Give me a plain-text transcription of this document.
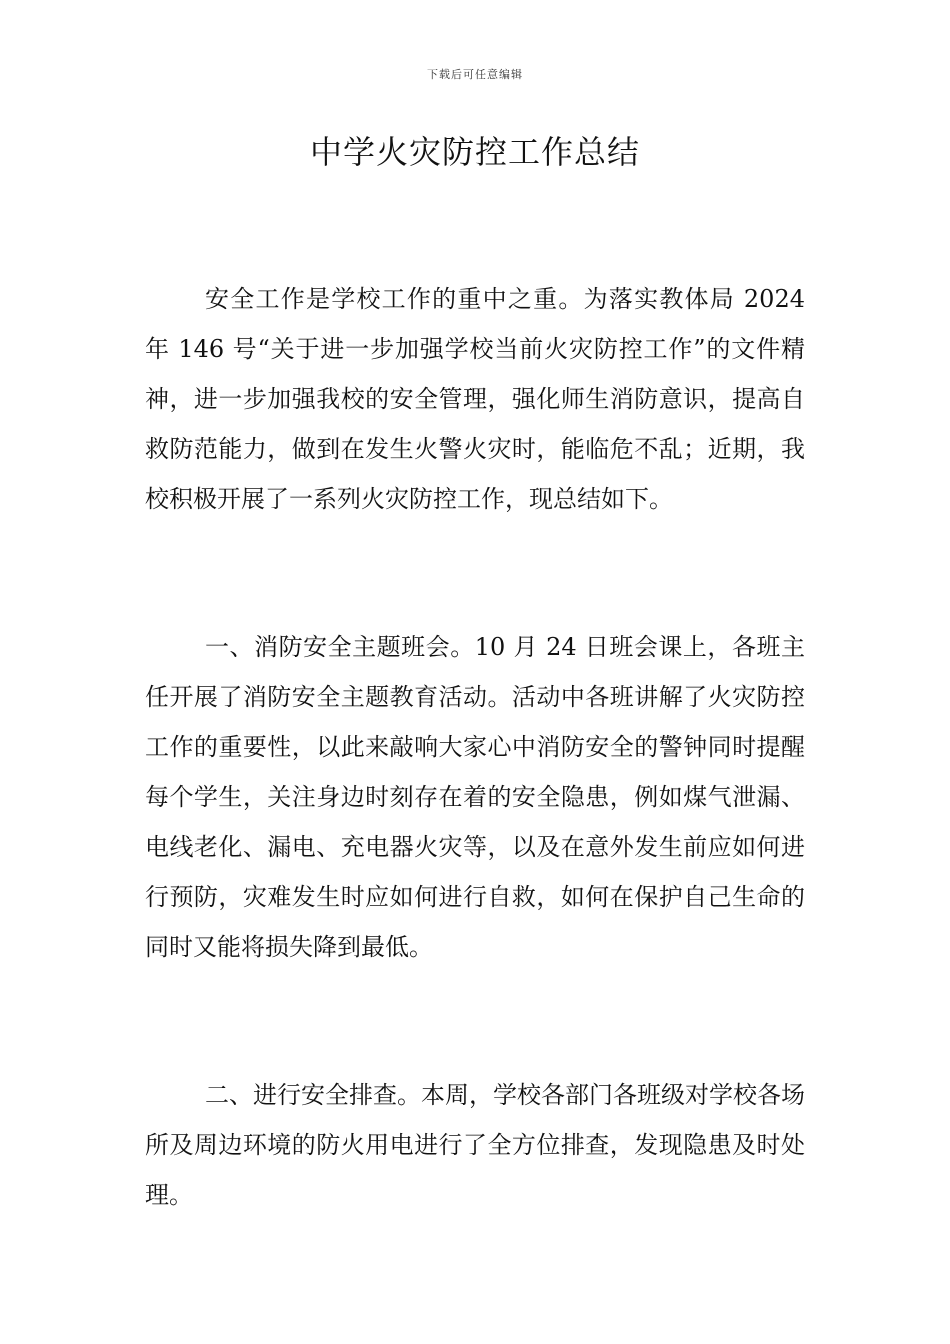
下载后可任意编辑
中学火灾防控工作总结

安全工作是学校工作的重中之重。为落实教体局 2024 年 146 号“关于进一步加强学校当前火灾防控工作”的文件精神，进一步加强我校的安全管理，强化师生消防意识，提高自救防范能力，做到在发生火警火灾时，能临危不乱；近期，我校积极开展了一系列火灾防控工作，现总结如下。

一、消防安全主题班会。10 月 24 日班会课上，各班主任开展了消防安全主题教育活动。活动中各班讲解了火灾防控工作的重要性，以此来敲响大家心中消防安全的警钟同时提醒每个学生，关注身边时刻存在着的安全隐患，例如煤气泄漏、电线老化、漏电、充电器火灾等，以及在意外发生前应如何进行预防，灾难发生时应如何进行自救，如何在保护自己生命的同时又能将损失降到最低。

二、进行安全排查。本周，学校各部门各班级对学校各场所及周边环境的防火用电进行了全方位排查，发现隐患及时处理。
